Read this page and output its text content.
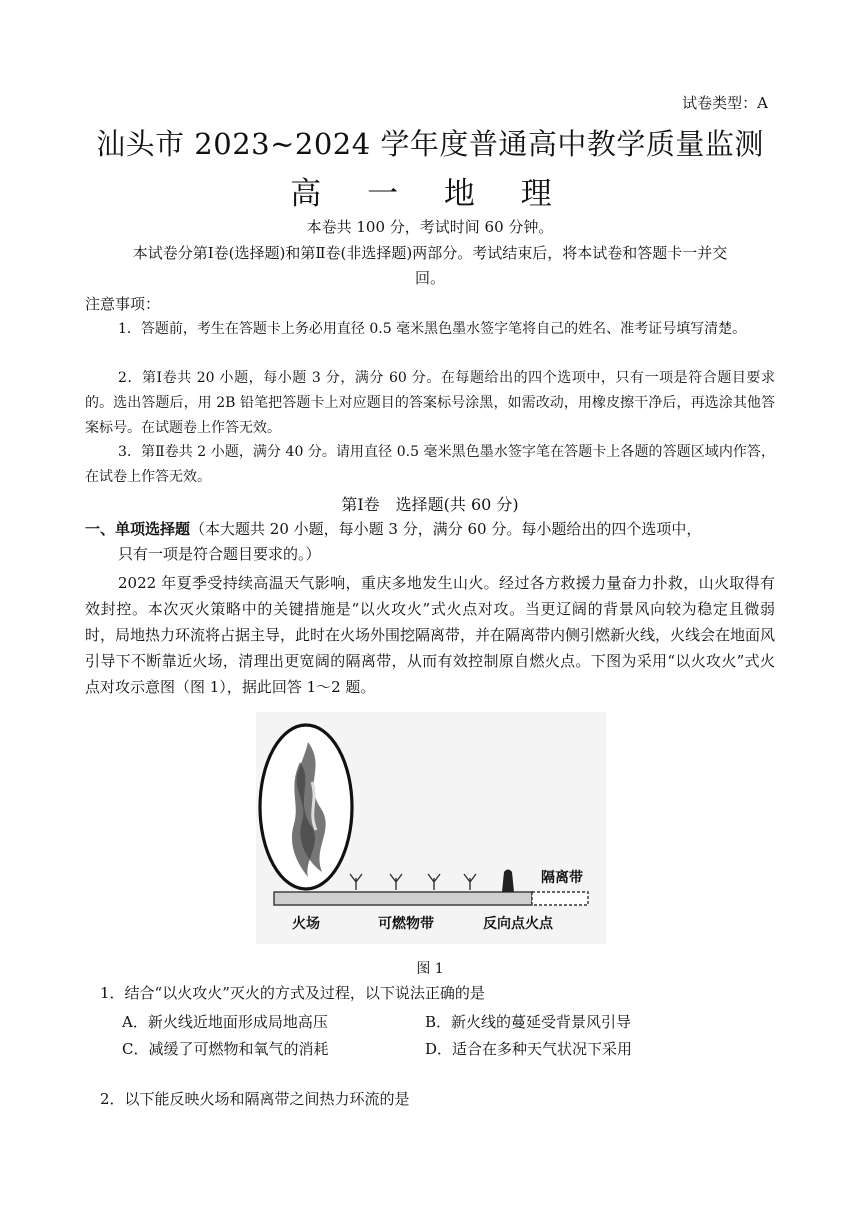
试卷类型：A
汕头市 2023~2024 学年度普通高中教学质量监测
高 一 地 理
本卷共 100 分，考试时间 60 分钟。
本试卷分第Ⅰ卷(选择题)和第Ⅱ卷(非选择题)两部分。考试结束后，将本试卷和答题卡一并交
回。
注意事项：
1．答题前，考生在答题卡上务必用直径 0.5 毫米黑色墨水签字笔将自己的姓名、准考证号填写清楚。
2．第Ⅰ卷共 20 小题，每小题 3 分，满分 60 分。在每题给出的四个选项中，只有一项是符合题目要求的。选出答题后，用 2B 铅笔把答题卡上对应题目的答案标号涂黑，如需改动，用橡皮擦干净后，再选涂其他答案标号。在试题卷上作答无效。
3．第Ⅱ卷共 2 小题，满分 40 分。请用直径 0.5 毫米黑色墨水签字笔在答题卡上各题的答题区域内作答，在试卷上作答无效。
第Ⅰ卷　选择题(共 60 分)
一、单项选择题（本大题共 20 小题，每小题 3 分，满分 60 分。每小题给出的四个选项中，
只有一项是符合题目要求的。）
2022 年夏季受持续高温天气影响，重庆多地发生山火。经过各方救援力量奋力扑救，山火取得有效封控。本次灭火策略中的关键措施是“以火攻火”式火点对攻。当更辽阔的背景风向较为稳定且微弱时，局地热力环流将占据主导，此时在火场外围挖隔离带，并在隔离带内侧引燃新火线，火线会在地面风引导下不断靠近火场，清理出更宽阔的隔离带，从而有效控制原自燃火点。下图为采用“以火攻火”式火点对攻示意图（图 1），据此回答 1～2 题。
隔离带
火场	可燃物带	反向点火点
图 1
1．结合“以火攻火”灭火的方式及过程，以下说法正确的是
A．新火线近地面形成局地高压	B．新火线的蔓延受背景风引导
C．减缓了可燃物和氧气的消耗	D．适合在多种天气状况下采用
2．以下能反映火场和隔离带之间热力环流的是
